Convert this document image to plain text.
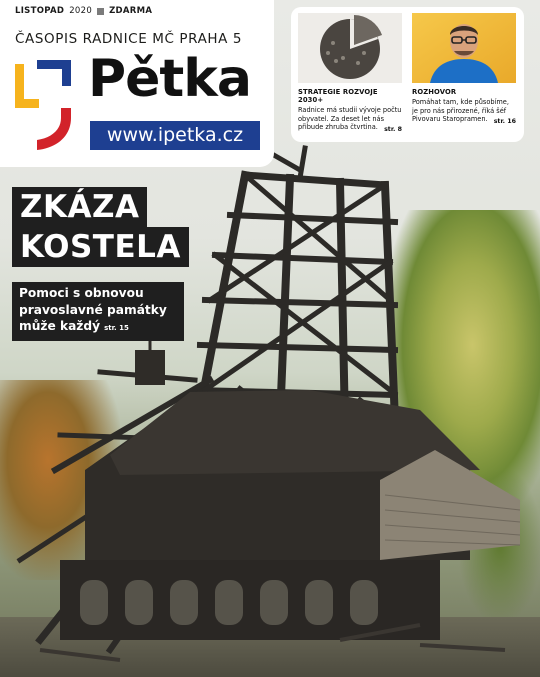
LISTOPAD 2020 ZDARMA
ČASOPIS RADNICE MČ PRAHA 5
Pětka
www.ipetka.cz
STRATEGIE ROZVOJE 2030+
Radnice má studii vývoje počtu obyvatel. Za deset let nás přibude zhruba čtvrtina. str. 8
ROZHOVOR
Pomáhat tam, kde působíme, je pro nás přirozené, říká šéf Pivovaru Staropramen. str. 16
ZKÁZA
KOSTELA
Pomoci s obnovou pravoslavné památky může každý str. 15
